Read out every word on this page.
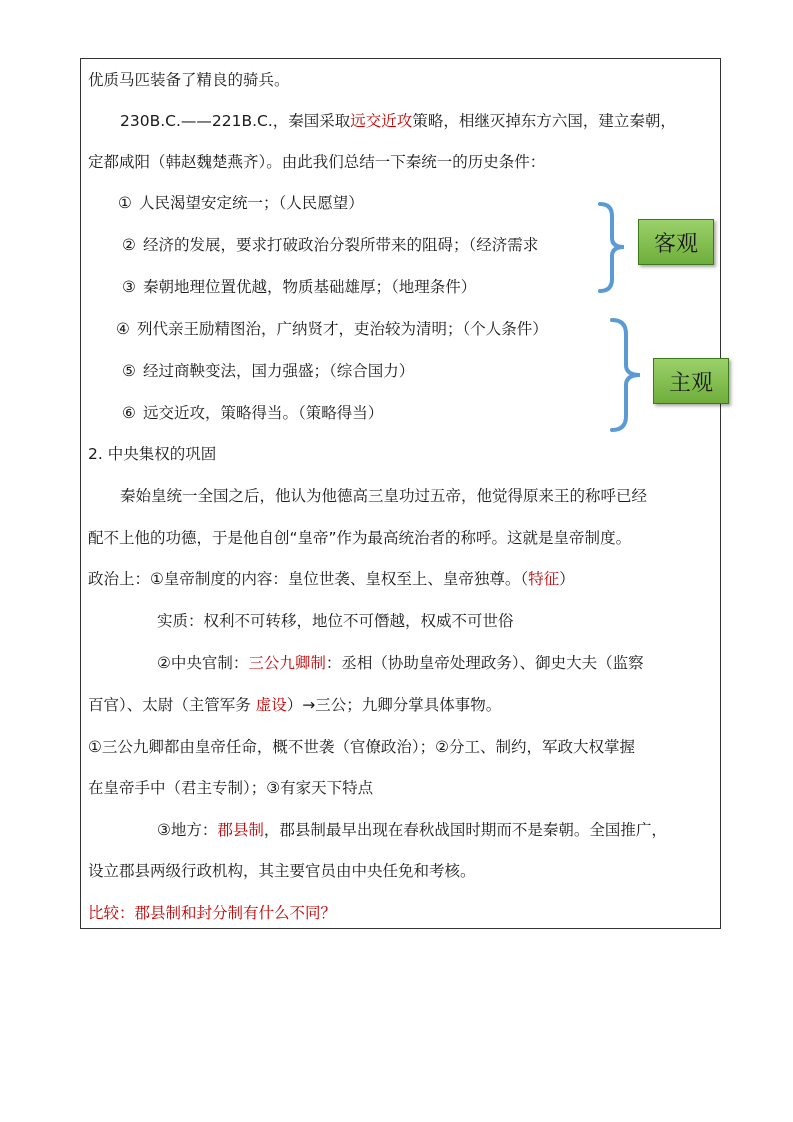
优质马匹装备了精良的骑兵。
230B.C.——221B.C.，秦国采取远交近攻策略，相继灭掉东方六国，建立秦朝，
定都咸阳（韩赵魏楚燕齐）。由此我们总结一下秦统一的历史条件：
① 人民渴望安定统一；（人民愿望）
② 经济的发展，要求打破政治分裂所带来的阻碍；（经济需求
③ 秦朝地理位置优越，物质基础雄厚；（地理条件）
④ 列代亲王励精图治，广纳贤才，吏治较为清明；（个人条件）
⑤ 经过商鞅变法，国力强盛；（综合国力）
⑥ 远交近攻，策略得当。（策略得当）
客观
主观
2. 中央集权的巩固
秦始皇统一全国之后，他认为他德高三皇功过五帝，他觉得原来王的称呼已经
配不上他的功德，于是他自创“皇帝”作为最高统治者的称呼。这就是皇帝制度。
政治上：①皇帝制度的内容：皇位世袭、皇权至上、皇帝独尊。（特征）
实质：权利不可转移，地位不可僭越，权威不可世俗
②中央官制：三公九卿制：丞相（协助皇帝处理政务）、御史大夫（监察
百官）、太尉（主管军务 虚设）→三公；九卿分掌具体事物。
①三公九卿都由皇帝任命，概不世袭（官僚政治）；②分工、制约，军政大权掌握
在皇帝手中（君主专制）；③有家天下特点
③地方：郡县制，郡县制最早出现在春秋战国时期而不是秦朝。全国推广，
设立郡县两级行政机构，其主要官员由中央任免和考核。
比较：郡县制和封分制有什么不同？
